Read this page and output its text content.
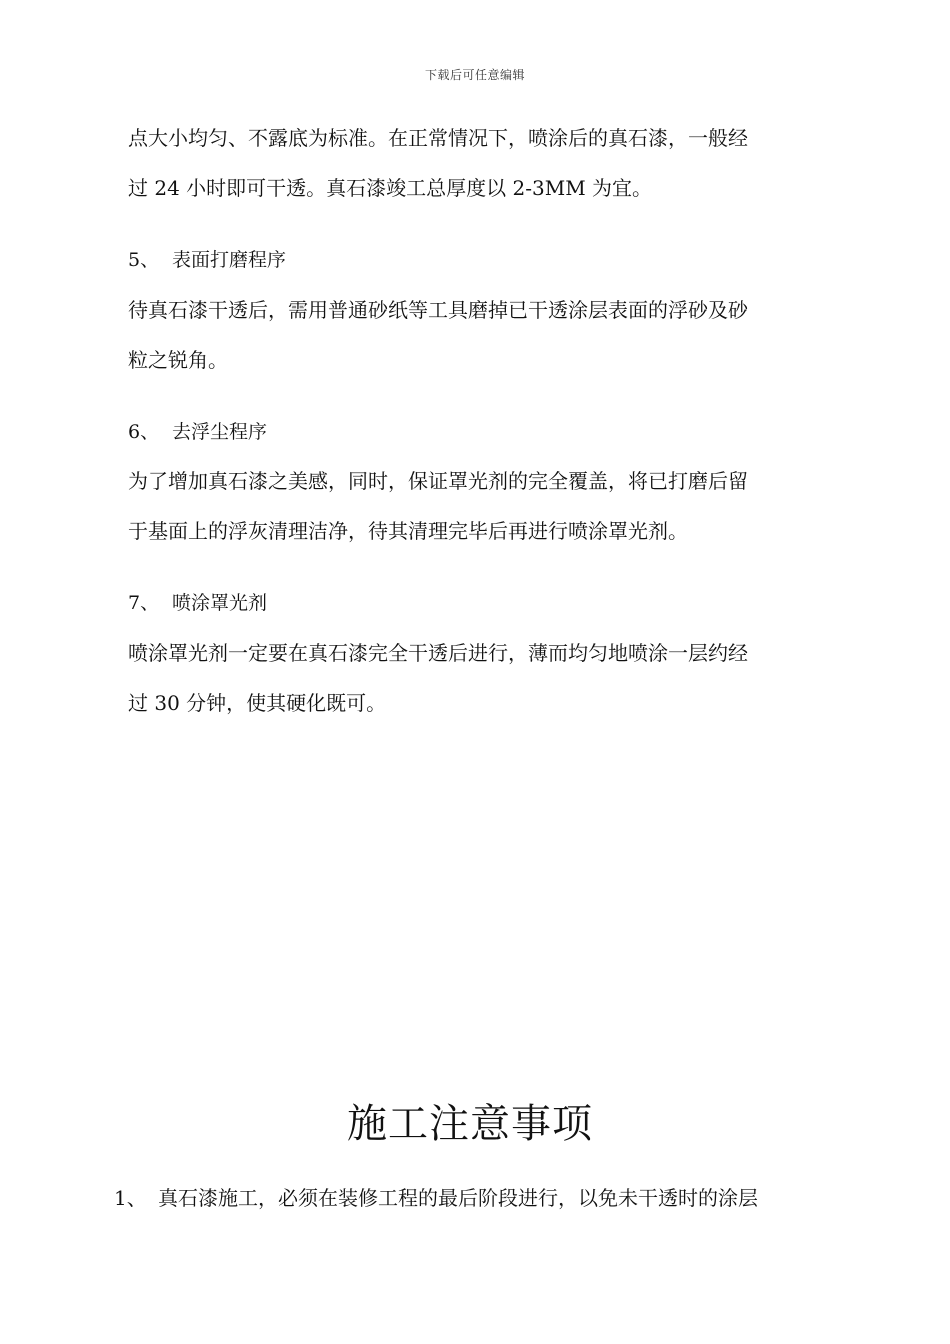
下载后可任意编辑
点大小均匀、不露底为标准。在正常情况下，喷涂后的真石漆，一般经
过 24 小时即可干透。真石漆竣工总厚度以 2-3MM 为宜。
5、 表面打磨程序
待真石漆干透后，需用普通砂纸等工具磨掉已干透涂层表面的浮砂及砂
粒之锐角。
6、 去浮尘程序
为了增加真石漆之美感，同时，保证罩光剂的完全覆盖，将已打磨后留
于基面上的浮灰清理洁净，待其清理完毕后再进行喷涂罩光剂。
7、 喷涂罩光剂
喷涂罩光剂一定要在真石漆完全干透后进行，薄而均匀地喷涂一层约经
过 30 分钟，使其硬化既可。
施工注意事项
1、 真石漆施工，必须在装修工程的最后阶段进行，以免未干透时的涂层
